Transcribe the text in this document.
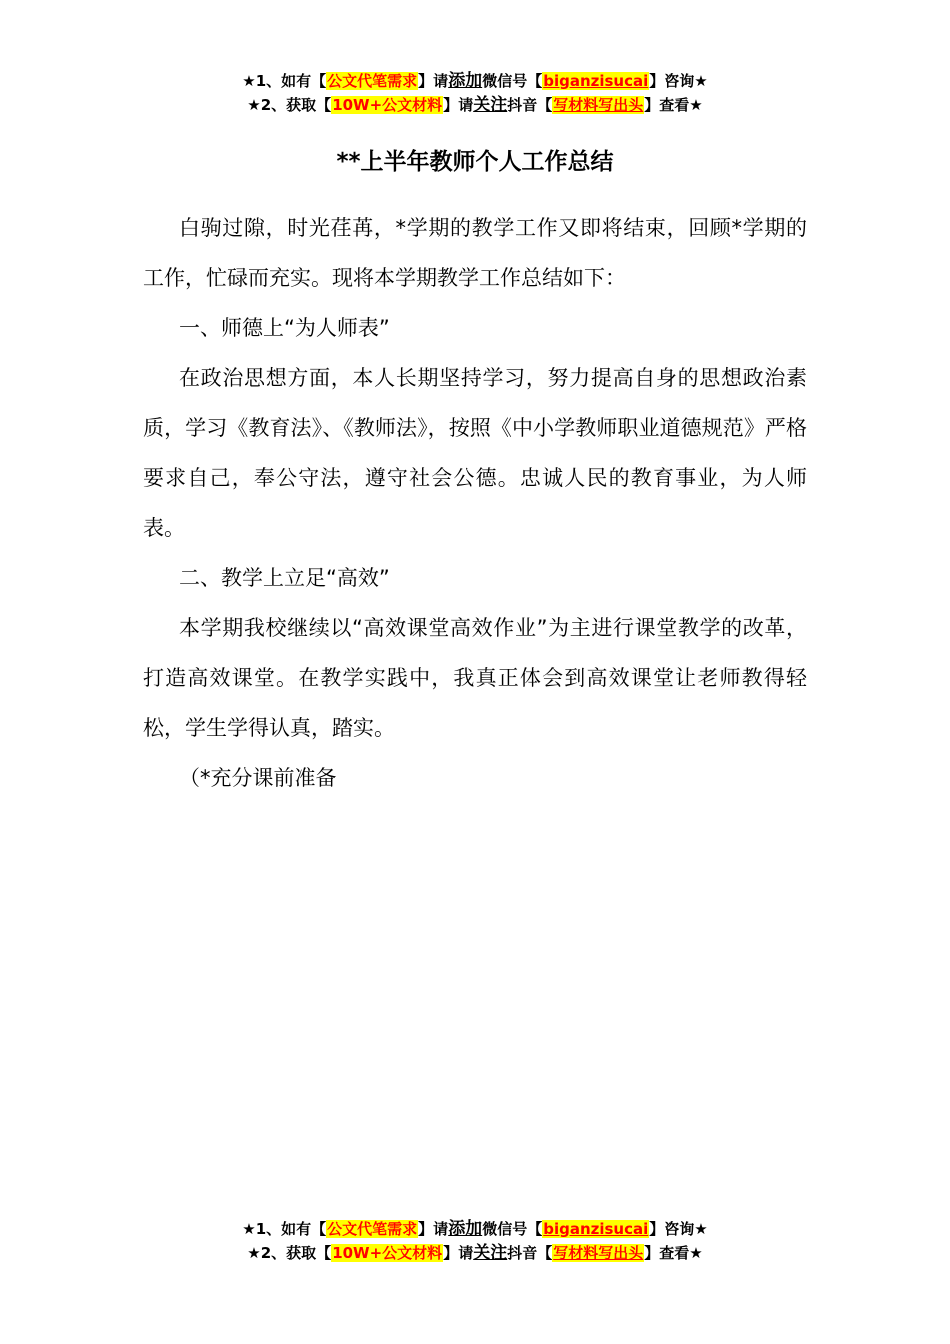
★1、如有【公文代笔需求】请添加微信号【biganzisucai】咨询★
★2、获取【10W+公文材料】请关注抖音【写材料写出头】查看★
**上半年教师个人工作总结

白驹过隙，时光荏苒，*学期的教学工作又即将结束，回顾*学期的工作，忙碌而充实。现将本学期教学工作总结如下：

一、师德上“为人师表”

在政治思想方面，本人长期坚持学习，努力提高自身的思想政治素质，学习《教育法》、《教师法》，按照《中小学教师职业道德规范》严格要求自己，奉公守法，遵守社会公德。忠诚人民的教育事业，为人师表。

二、教学上立足“高效”

本学期我校继续以“高效课堂高效作业”为主进行课堂教学的改革，打造高效课堂。在教学实践中，我真正体会到高效课堂让老师教得轻松，学生学得认真，踏实。

（*充分课前准备

★1、如有【公文代笔需求】请添加微信号【biganzisucai】咨询★
★2、获取【10W+公文材料】请关注抖音【写材料写出头】查看★
